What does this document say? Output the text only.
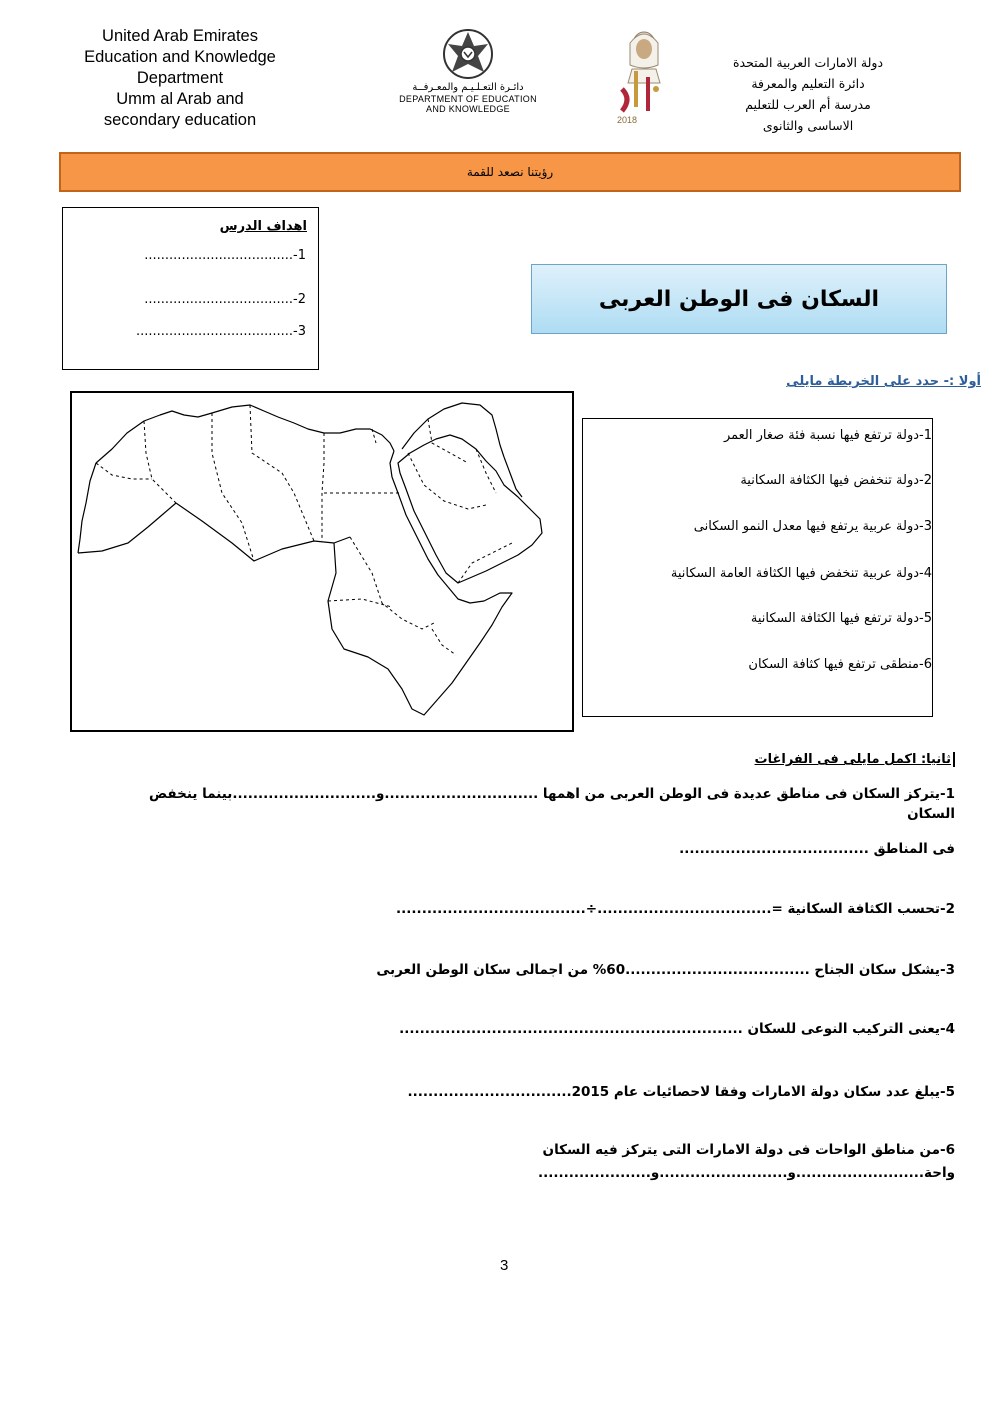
United Arab Emirates
Education and Knowledge
Department
Umm al Arab and
secondary education
دائـرة التعـلـيـم والمعـرفــة
DEPARTMENT OF EDUCATION
AND KNOWLEDGE
2018
دولة الامارات العربية المتحدة
دائرة التعليم والمعرفة
مدرسة أم العرب للتعليم
الاساسى والثانوى
رؤيتنا نصعد للقمة
اهداف الدرس
1-....................................
2-....................................
3-......................................
السكان فى الوطن العربى
أولا :- حدد على الخريطة مايلى
1-دولة ترتفع فيها نسبة فئة صغار العمر
2-دولة تنخفض فيها الكثافة السكانية
3-دولة عربية يرتفع فيها معدل النمو السكانى
4-دولة عربية تنخفض فيها الكثافة العامة السكانية
5-دولة ترتفع فيها الكثافة السكانية
6-منطقى ترتفع فيها كثافة السكان
ثانيا: اكمل مايلى فى الفراغات
1-يتركز السكان فى مناطق عديدة فى الوطن العربى من اهمها ..............................و............................بينما ينخفض
السكان
فى المناطق .....................................
2-تحسب الكثافة السكانية =..................................÷.....................................
3-يشكل سكان الجناح ....................................60% من اجمالى سكان الوطن العربى
4-يعنى التركيب النوعى للسكان ...................................................................
5-يبلغ عدد سكان دولة الامارات وفقا لاحصائيات عام 2015................................
6-من مناطق الواحات فى دولة الامارات التى يتركز فيه السكان
واحة.........................و.........................و......................
3
